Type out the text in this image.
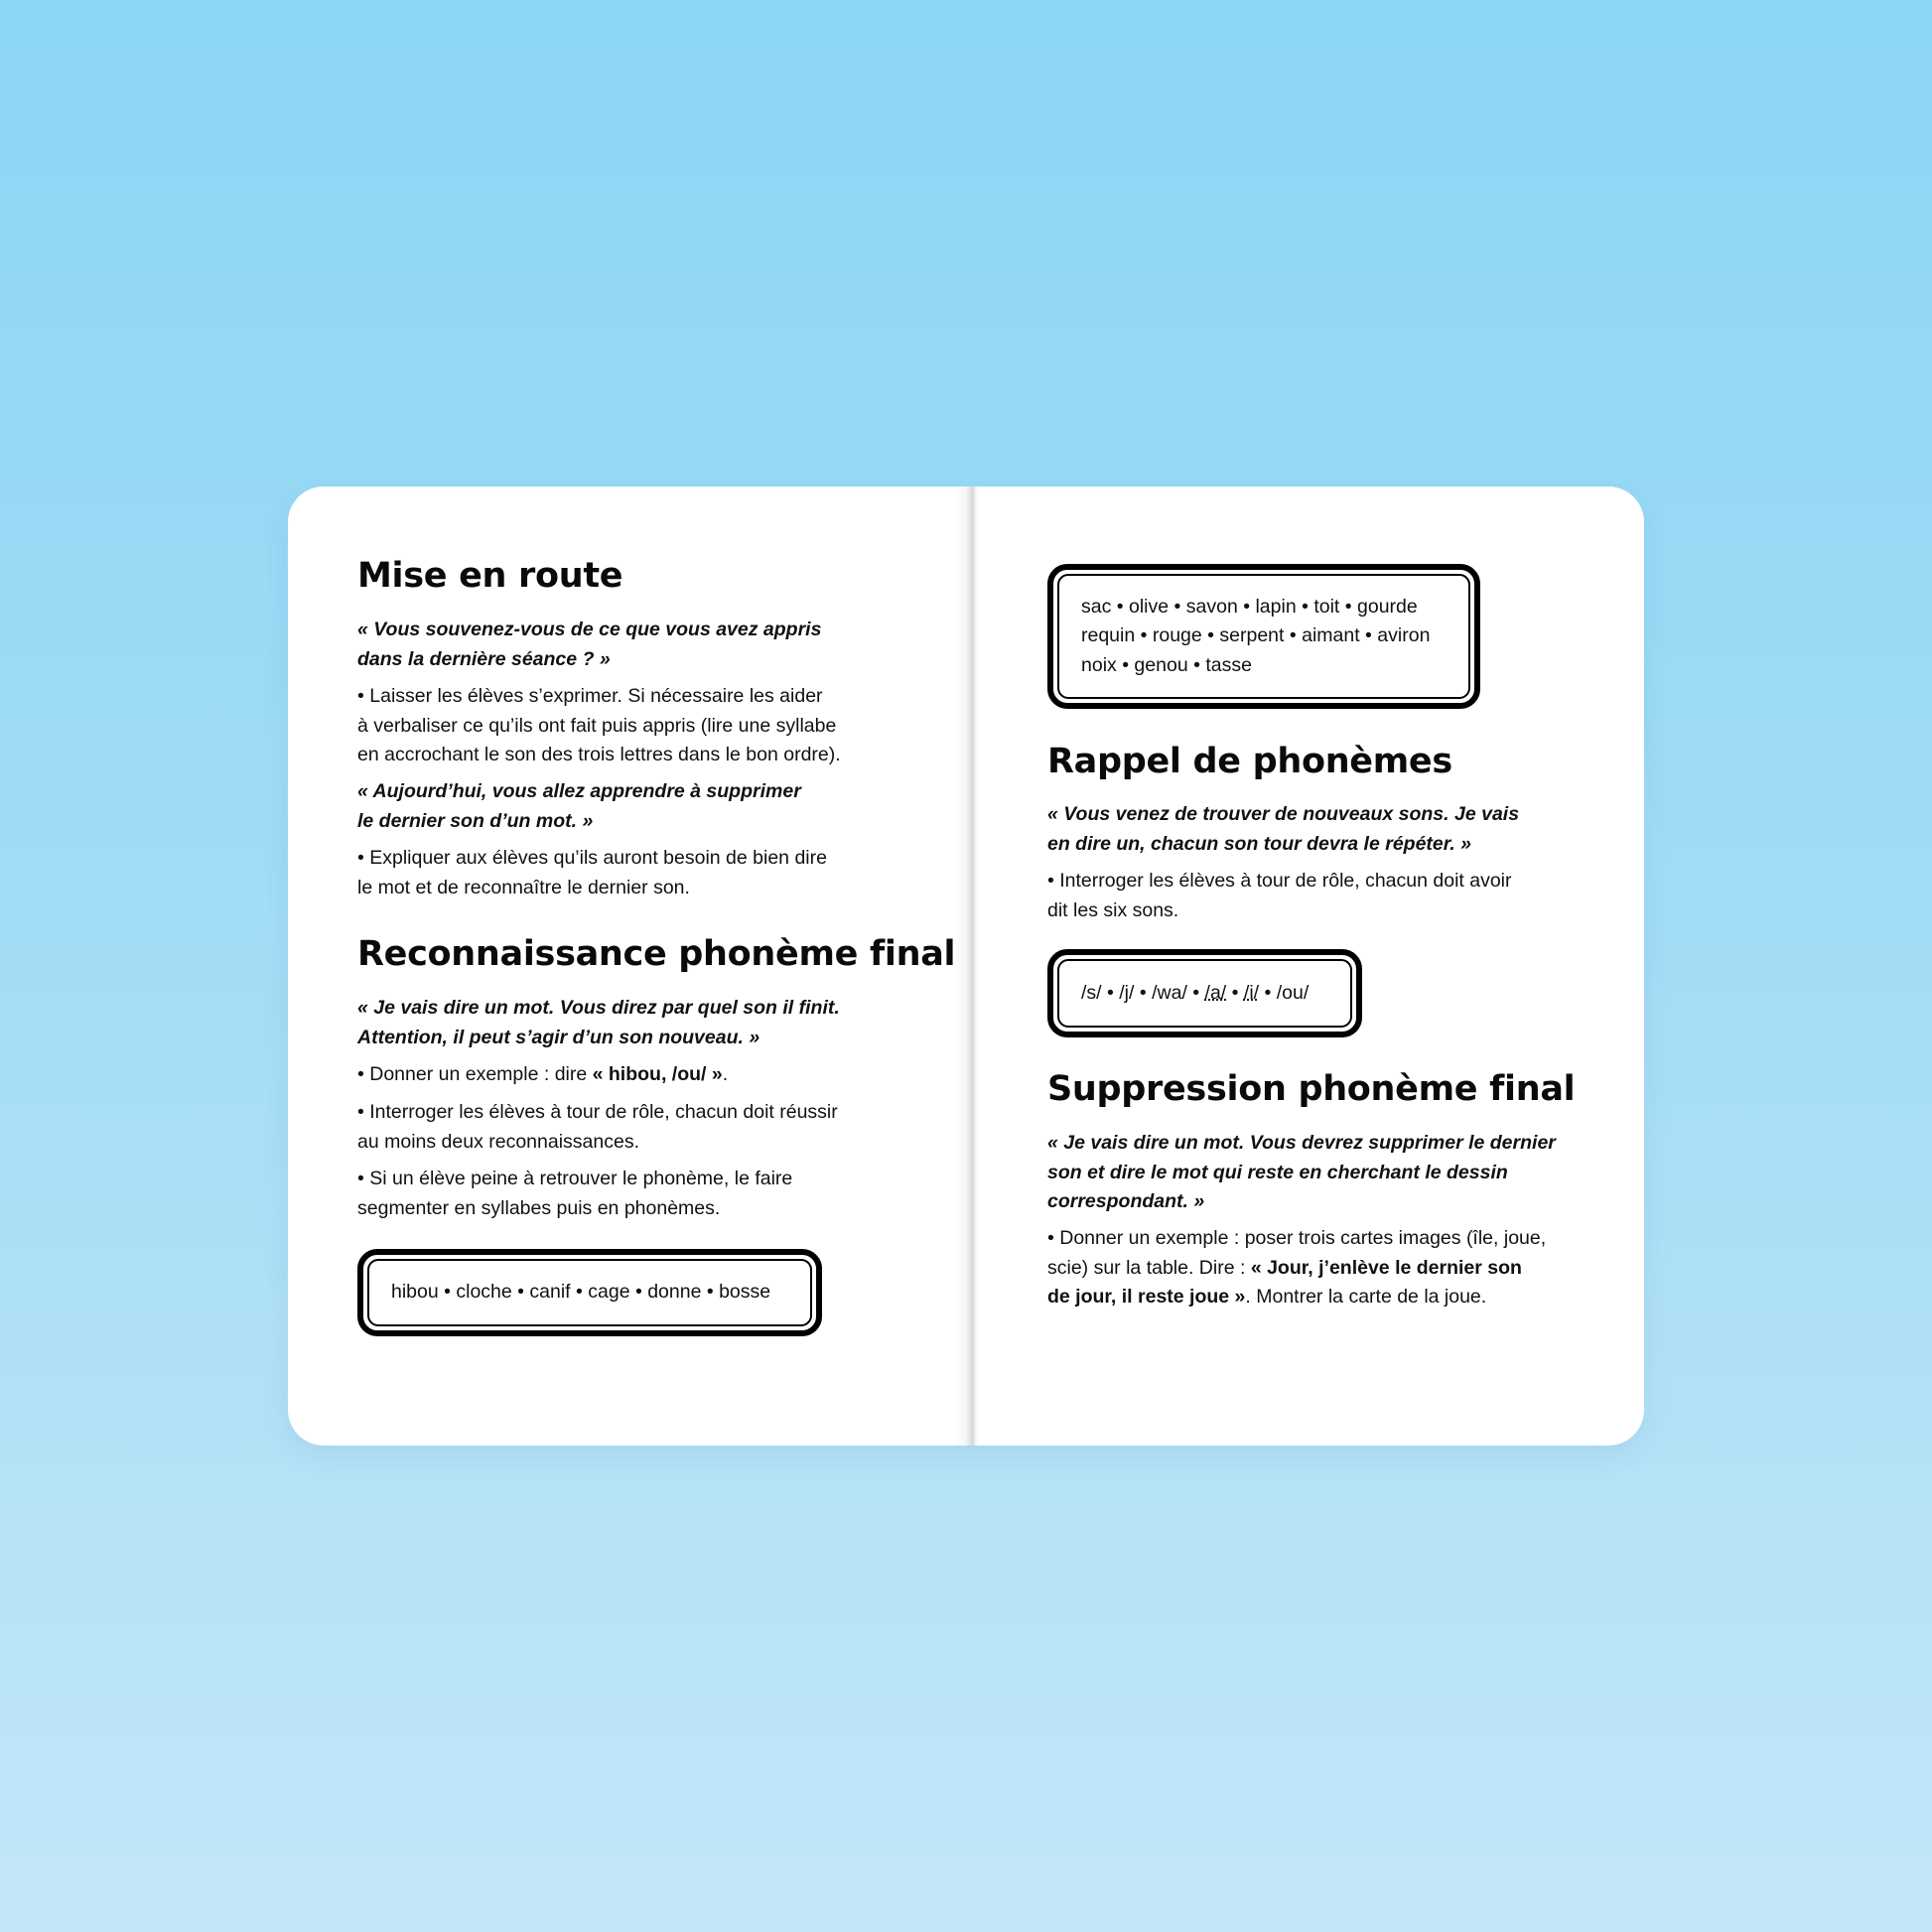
Mise en route

« Vous souvenez-vous de ce que vous avez appris
dans la dernière séance ? »

• Laisser les élèves s’exprimer. Si nécessaire les aider
à verbaliser ce qu’ils ont fait puis appris (lire une syllabe
en accrochant le son des trois lettres dans le bon ordre).

« Aujourd’hui, vous allez apprendre à supprimer
le dernier son d’un mot. »

• Expliquer aux élèves qu’ils auront besoin de bien dire
le mot et de reconnaître le dernier son.

Reconnaissance phonème final

« Je vais dire un mot. Vous direz par quel son il finit.
Attention, il peut s’agir d’un son nouveau. »

• Donner un exemple : dire « hibou, /ou/ ».

• Interroger les élèves à tour de rôle, chacun doit réussir
au moins deux reconnaissances.

• Si un élève peine à retrouver le phonème, le faire
segmenter en syllabes puis en phonèmes.

hibou • cloche • canif • cage • donne • bosse

sac • olive • savon • lapin • toit • gourde
requin • rouge • serpent • aimant • aviron
noix • genou • tasse

Rappel de phonèmes

« Vous venez de trouver de nouveaux sons. Je vais
en dire un, chacun son tour devra le répéter. »

• Interroger les élèves à tour de rôle, chacun doit avoir
dit les six sons.

/s/ • /j/ • /wa/ • /a/ • /i/ • /ou/

Suppression phonème final

« Je vais dire un mot. Vous devrez supprimer le dernier
son et dire le mot qui reste en cherchant le dessin
correspondant. »

• Donner un exemple : poser trois cartes images (île, joue,
scie) sur la table. Dire : « Jour, j’enlève le dernier son
de jour, il reste joue ». Montrer la carte de la joue.
